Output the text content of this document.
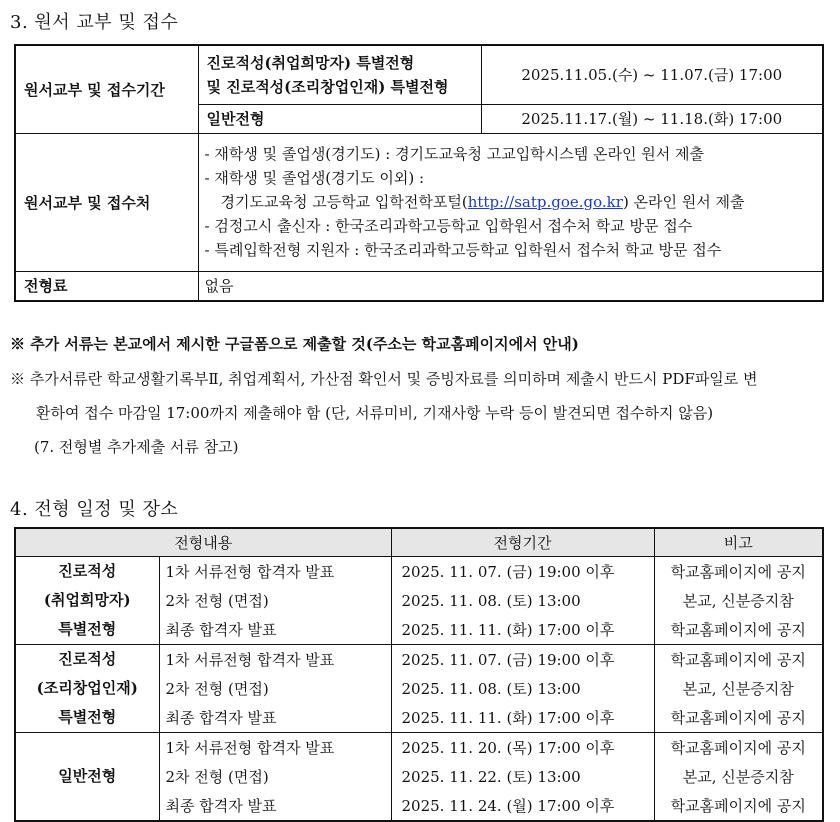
3. 원서 교부 및 접수
원서교부 및 접수기간	진로적성(취업희망자) 특별전형
및 진로적성(조리창업인재) 특별전형	2025.11.05.(수) ~ 11.07.(금) 17:00
	일반전형	2025.11.17.(월) ~ 11.18.(화) 17:00
원서교부 및 접수처	- 재학생 및 졸업생(경기도) : 경기도교육청 고교입학시스템 온라인 원서 제출
- 재학생 및 졸업생(경기도 이외) :
경기도교육청 고등학교 입학전학포털(http://satp.goe.go.kr) 온라인 원서 제출
- 검정고시 출신자 : 한국조리과학고등학교 입학원서 접수처 학교 방문 접수
- 특례입학전형 지원자 : 한국조리과학고등학교 입학원서 접수처 학교 방문 접수	

전형료	없음	
※ 추가 서류는 본교에서 제시한 구글폼으로 제출할 것(주소는 학교홈페이지에서 안내)
※ 추가서류란 학교생활기록부Ⅱ, 취업계획서, 가산점 확인서 및 증빙자료를 의미하며 제출시 반드시 PDF파일로 변
환하여 접수 마감일 17:00까지 제출해야 함 (단, 서류미비, 기재사항 누락 등이 발견되면 접수하지 않음)
(7. 전형별 추가제출 서류 참고)
4. 전형 일정 및 장소
전형내용		전형기간	비고

진로적성
(취업희망자)
특별전형	1차 서류전형 합격자 발표	2025. 11. 07. (금) 19:00 이후	학교홈페이지에 공지
	2차 전형 (면접)	2025. 11. 08. (토) 13:00	본교, 신분증지참
	최종 합격자 발표	2025. 11. 11. (화) 17:00 이후	학교홈페이지에 공지

진로적성
(조리창업인재)
특별전형	1차 서류전형 합격자 발표	2025. 11. 07. (금) 19:00 이후	학교홈페이지에 공지
	2차 전형 (면접)	2025. 11. 08. (토) 13:00	본교, 신분증지참
	최종 합격자 발표	2025. 11. 11. (화) 17:00 이후	학교홈페이지에 공지

일반전형	1차 서류전형 합격자 발표	2025. 11. 20. (목) 17:00 이후	학교홈페이지에 공지
	2차 전형 (면접)	2025. 11. 22. (토) 13:00	본교, 신분증지참
	최종 합격자 발표	2025. 11. 24. (월) 17:00 이후	학교홈페이지에 공지
